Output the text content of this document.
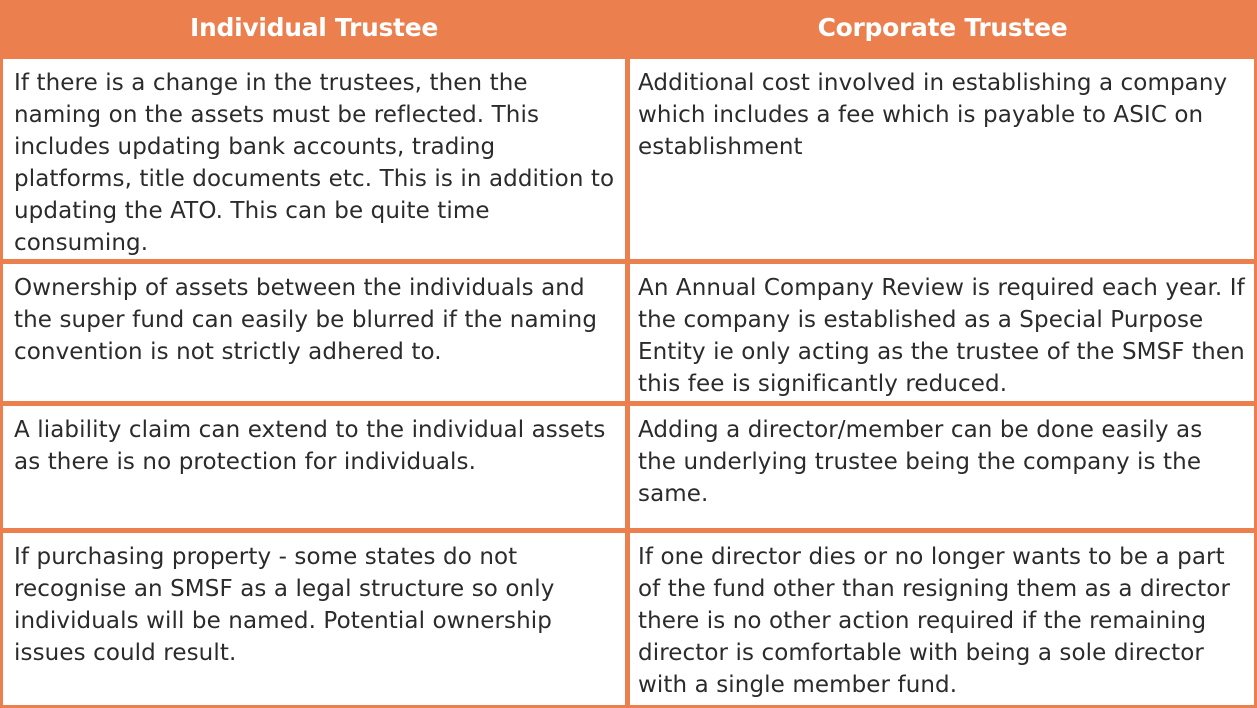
Individual Trustee	Corporate Trustee
If there is a change in the trustees, then the naming on the assets must be reflected. This includes updating bank accounts, trading platforms, title documents etc. This is in addition to updating the ATO. This can be quite time consuming.
Additional cost involved in establishing a company which includes a fee which is payable to ASIC on establishment
Ownership of assets between the individuals and the super fund can easily be blurred if the naming convention is not strictly adhered to.
An Annual Company Review is required each year. If the company is established as a Special Purpose Entity ie only acting as the trustee of the SMSF then this fee is significantly reduced.
A liability claim can extend to the individual assets as there is no protection for individuals.
Adding a director/member can be done easily as the underlying trustee being the company is the same.
If purchasing property - some states do not recognise an SMSF as a legal structure so only individuals will be named. Potential ownership issues could result.
If one director dies or no longer wants to be a part of the fund other than resigning them as a director there is no other action required if the remaining director is comfortable with being a sole director with a single member fund.
